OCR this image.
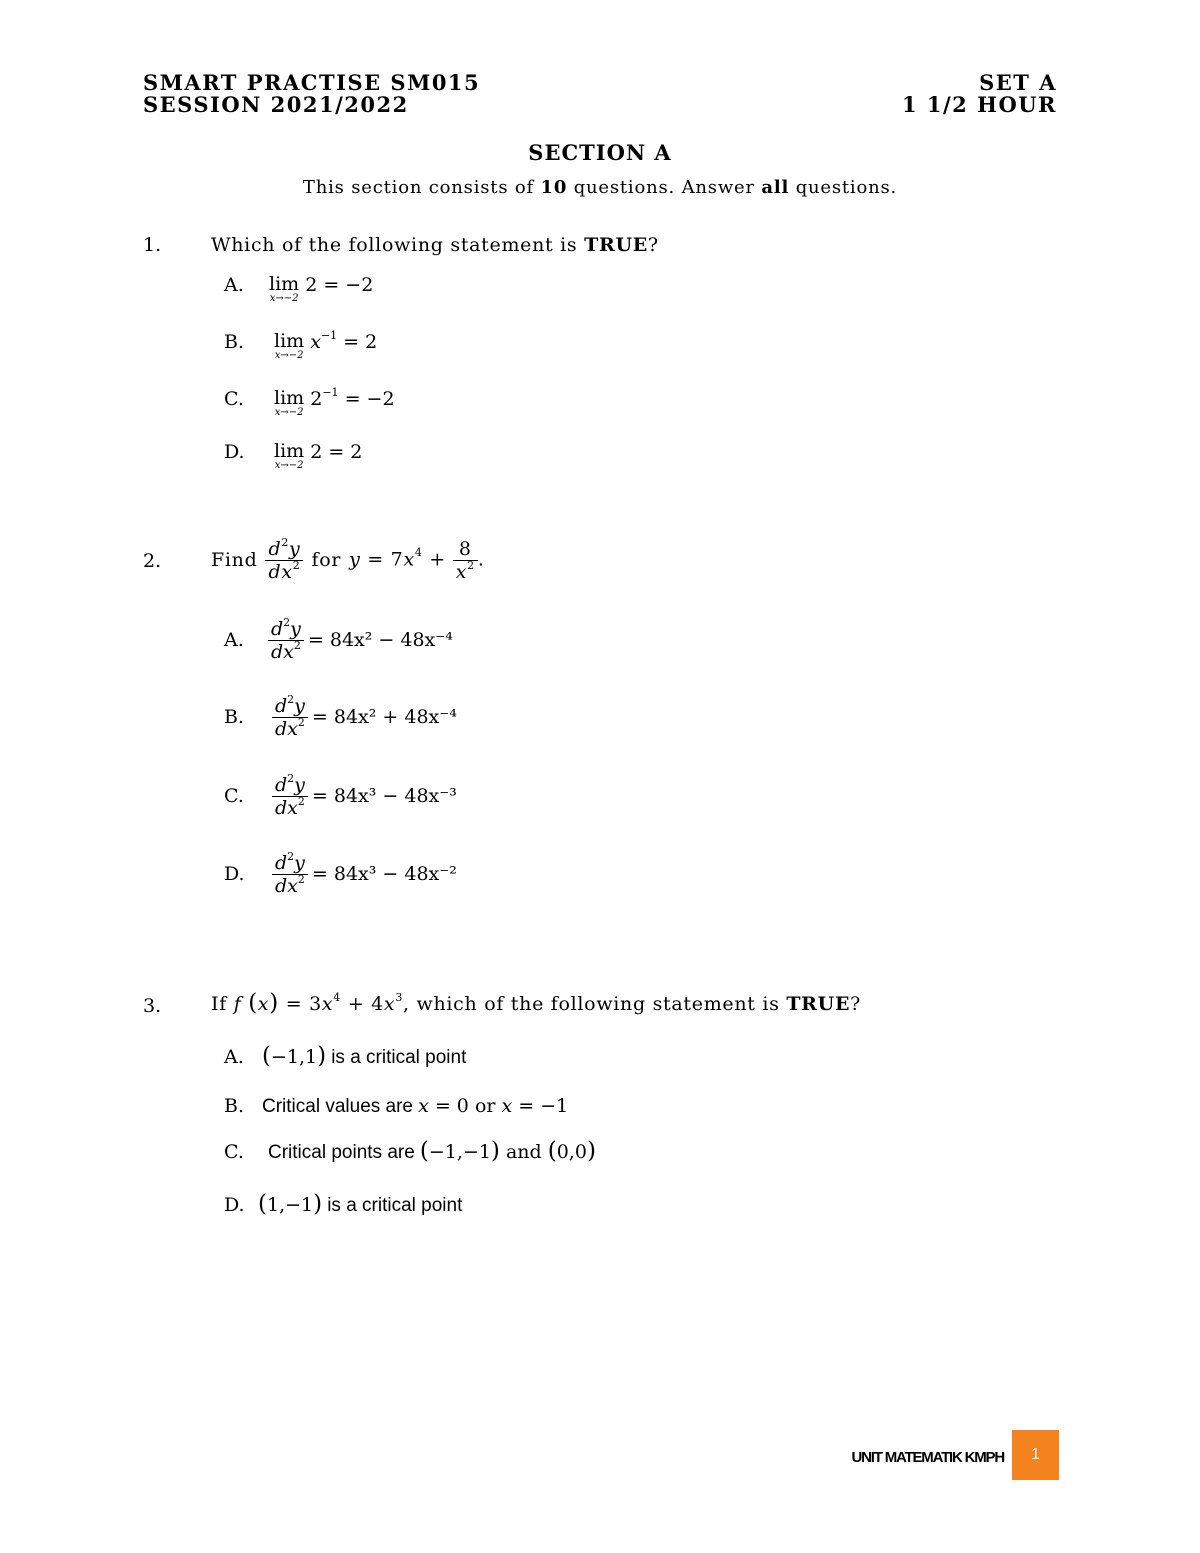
SMART PRACTISE SM015
SESSION 2021/2022
SET A
1 1/2 HOUR
SECTION A
This section consists of 10 questions. Answer all questions.
1.	Which of the following statement is TRUE?
A. lim
x→−2
2 = −2
B. lim
x→−2
$x^{-1} = 2$
C. lim
x→−2
$2^{-1} = -2$
D. lim
x→−2
2 = 2
2.	Find $\frac{d^2y}{dx^2}$ for $y = 7x^4 + \frac{8}{x^2}$ .
A.	$\frac{d^2y}{dx^2} = 84x^2 - 48x^{-4}$
B.	$\frac{d^2y}{dx^2} = 84x^2 + 48x^{-4}$
C.	$\frac{d^2y}{dx^2} = 84x^3 - 48x^{-3}$
D.	$\frac{d^2y}{dx^2} = 84x^3 - 48x^{-2}$
3.	If f $(x) = 3x^4 + 4x^3$, which of the following statement is TRUE?
A. (−1,1) is a critical point
B. Critical values are x = 0 or x = −1
C. Critical points are (−1,−1) and (0,0)
D. (1,−1) is a critical point
UNIT MATEMATIK KMPH	1
